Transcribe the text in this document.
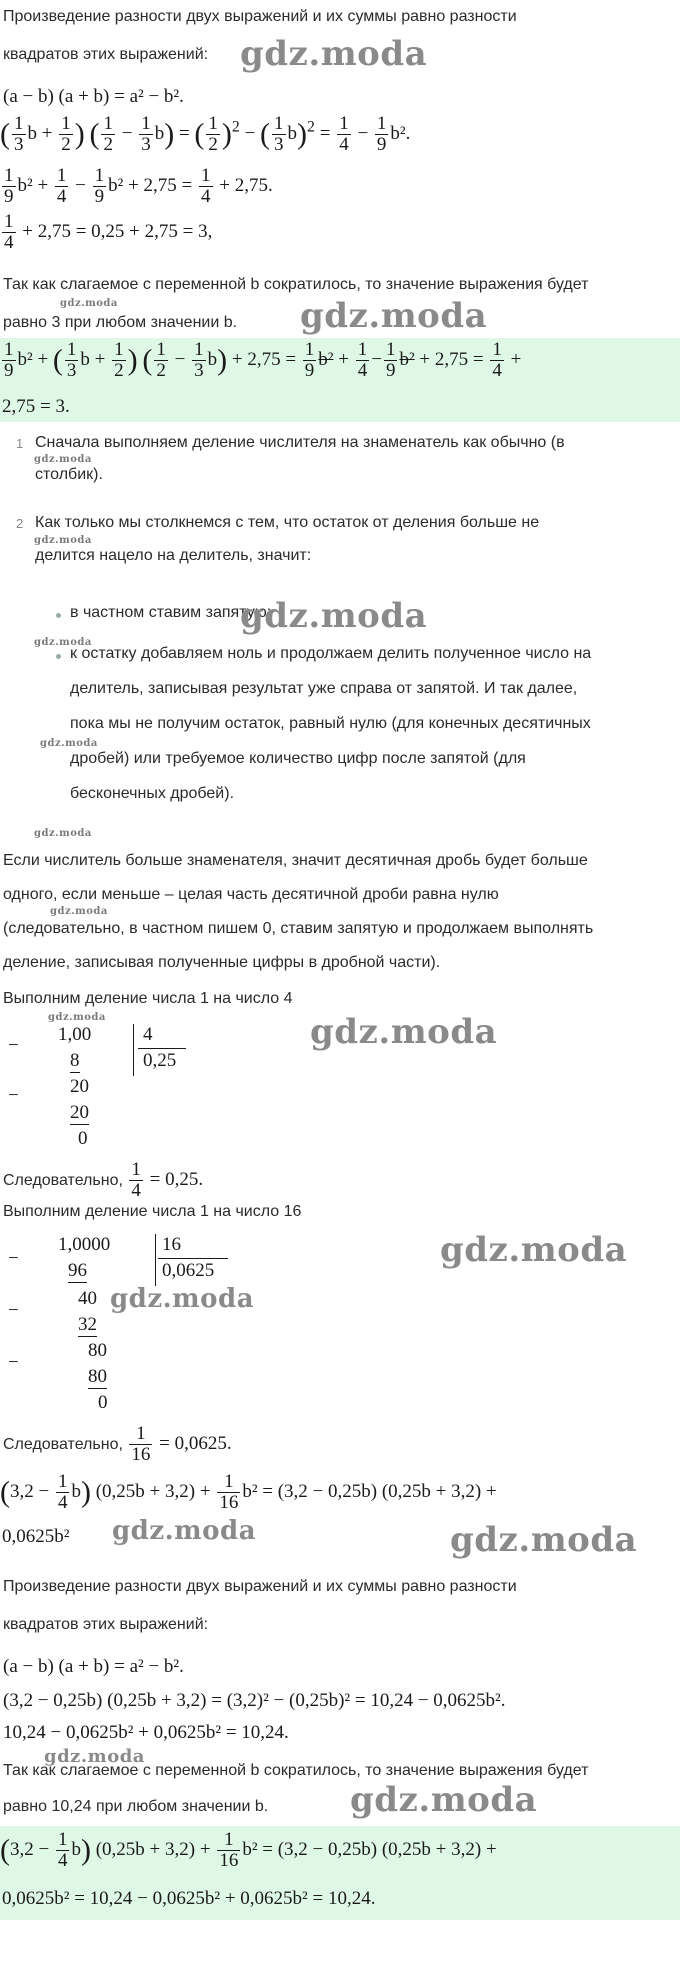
Произведение разности двух выражений и их суммы равно разности
квадратов этих выражений: gdz.moda
(a − b) (a + b) = a² − b².
( $\frac{1}{3}$ $b + \frac{1}{2}$ ) ( $\frac{1}{2} - \frac{1}{3} b$) = ( $\frac{1}{2} )^2$ − ( $\frac{1}{3} b)^2 = \frac{1}{4} - \frac{1}{9} b^2$.
$\frac{1}{9} b^2 + \frac{1}{4} - \frac{1}{9} b^2 + 2,75 = \frac{1}{4} + 2,75$.
$\frac{1}{4} + 2,75 = 0,25 + 2,75 = 3$,
Так как слагаемое с переменной b сократилось, то значение выражения будет
равно 3 при любом значении b.
gdz.moda	gdz.moda
$\frac{1}{9} b^2$ + ( $\frac{1}{3}$ $b + \frac{1}{2}$ ) ( $\frac{1}{2} - \frac{1}{3} b) + 2,75 = \frac{1}{9} b^2 + \frac{1}{4} - \frac{1}{9} b^2 + 2,75 = \frac{1}{4}$ +
2,75 = 3.
1 Сначала выполняем деление числителя на знаменатель как обычно (в
gdz.moda
столбик).
2 Как только мы столкнемся с тем, что остаток от деления больше не
gdz.moda
делится нацело на делитель, значит:
в частном ставим запятую;
gdz.moda
gdz.moda
к остатку добавляем ноль и продолжаем делить полученное число на
делитель, записывая результат уже справа от запятой. И так далее,
пока мы не получим остаток, равный нулю (для конечных десятичных
gdz.moda
дробей) или требуемое количество цифр после запятой (для
бесконечных дробей).
gdz.moda
Если числитель больше знаменателя, значит десятичная дробь будет больше
одного, если меньше – целая часть десятичной дроби равна нулю
gdz.moda
(следовательно, в частном пишем 0, ставим запятую и продолжаем выполнять
деление, записывая полученные цифры в дробной части).
Выполним деление числа 1 на число 4
gdz.moda	gdz.moda
−
1,00	4
0,25
8
−	20
20
0
Следовательно, $\frac{1}{4} = 0,25$.
Выполним деление числа 1 на число 16
gdz.moda
−
1,0000	16
0,0625
96
−
40 gdz.moda
32
−
80
80
0
Следовательно, $\frac{1}{16} = 0,0625$.
$(3,2 - \frac{1}{4} b)$ $(0,25b + 3,2) + \frac{1}{16} b^2 = (3,2 - 0,25b) (0,25b + 3,2)$ +
0,0625b² gdz.moda	gdz.moda
Произведение разности двух выражений и их суммы равно разности
квадратов этих выражений:
(a − b) (a + b) = a² − b².
(3,2 − 0,25b) (0,25b + 3,2) = (3,2)² − (0,25b)² = 10,24 − 0,0625b².
10,24 − 0,0625b² + 0,0625b² = 10,24.
gdz.moda
Так как слагаемое с переменной b сократилось, то значение выражения будет
равно 10,24 при любом значении b. gdz.moda
$(3,2 - \frac{1}{4} b)$ $(0,25b + 3,2) + \frac{1}{16} b^2 = (3,2 - 0,25b) (0,25b + 3,2)$ +
0,0625b² = 10,24 − 0,0625b² + 0,0625b² = 10,24.
